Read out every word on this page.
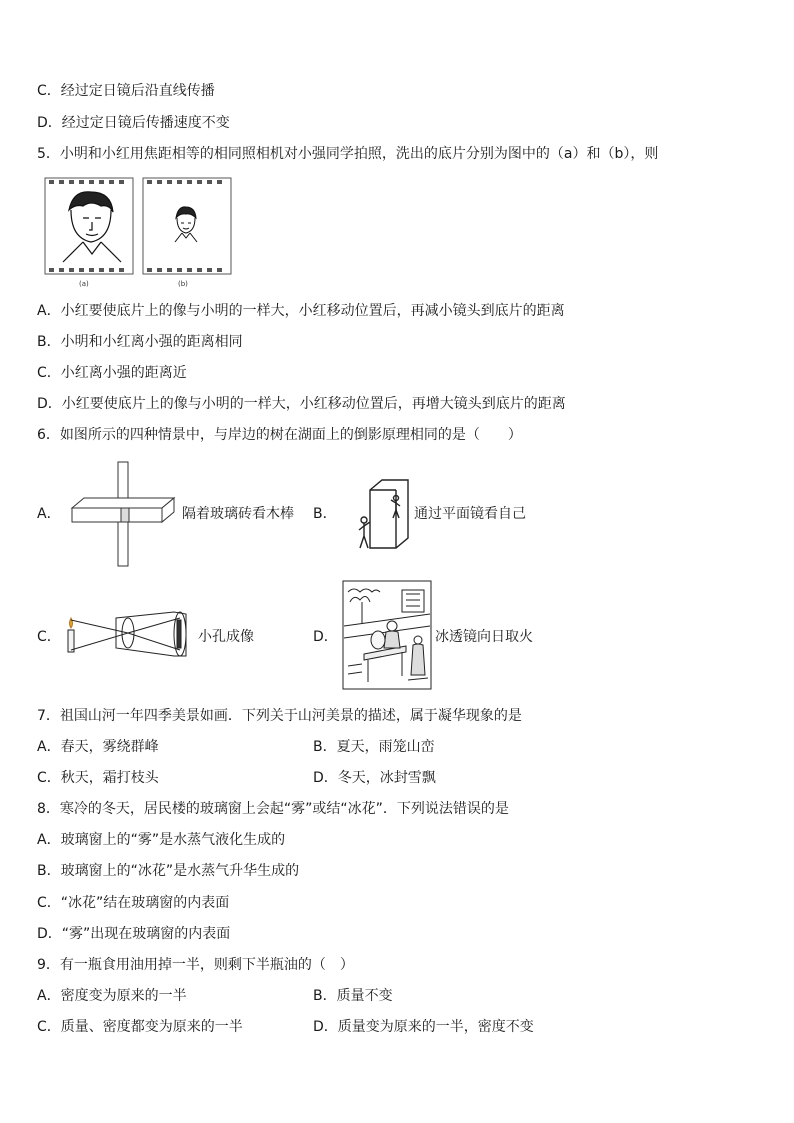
C．经过定日镜后沿直线传播
D．经过定日镜后传播速度不变
5．小明和小红用焦距相等的相同照相机对小强同学拍照，洗出的底片分别为图中的（a）和（b），则
(a)	(b)
A．小红要使底片上的像与小明的一样大，小红移动位置后，再减小镜头到底片的距离
B．小明和小红离小强的距离相同
C．小红离小强的距离近
D．小红要使底片上的像与小明的一样大，小红移动位置后，再增大镜头到底片的距离
6．如图所示的四种情景中，与岸边的树在湖面上的倒影原理相同的是（　　）
A．	隔着玻璃砖看木棒 B．	通过平面镜看自己
C．	小孔成像	D．	冰透镜向日取火
7．祖国山河一年四季美景如画．下列关于山河美景的描述，属于凝华现象的是
A．春天，雾绕群峰	B．夏天，雨笼山峦
C．秋天，霜打枝头	D．冬天，冰封雪飘
8．寒冷的冬天，居民楼的玻璃窗上会起“雾”或结“冰花”．下列说法错误的是
A．玻璃窗上的“雾”是水蒸气液化生成的
B．玻璃窗上的“冰花”是水蒸气升华生成的
C．“冰花”结在玻璃窗的内表面
D．“雾”出现在玻璃窗的内表面
9．有一瓶食用油用掉一半，则剩下半瓶油的（　）
A．密度变为原来的一半	B．质量不变
C．质量、密度都变为原来的一半	D．质量变为原来的一半，密度不变
